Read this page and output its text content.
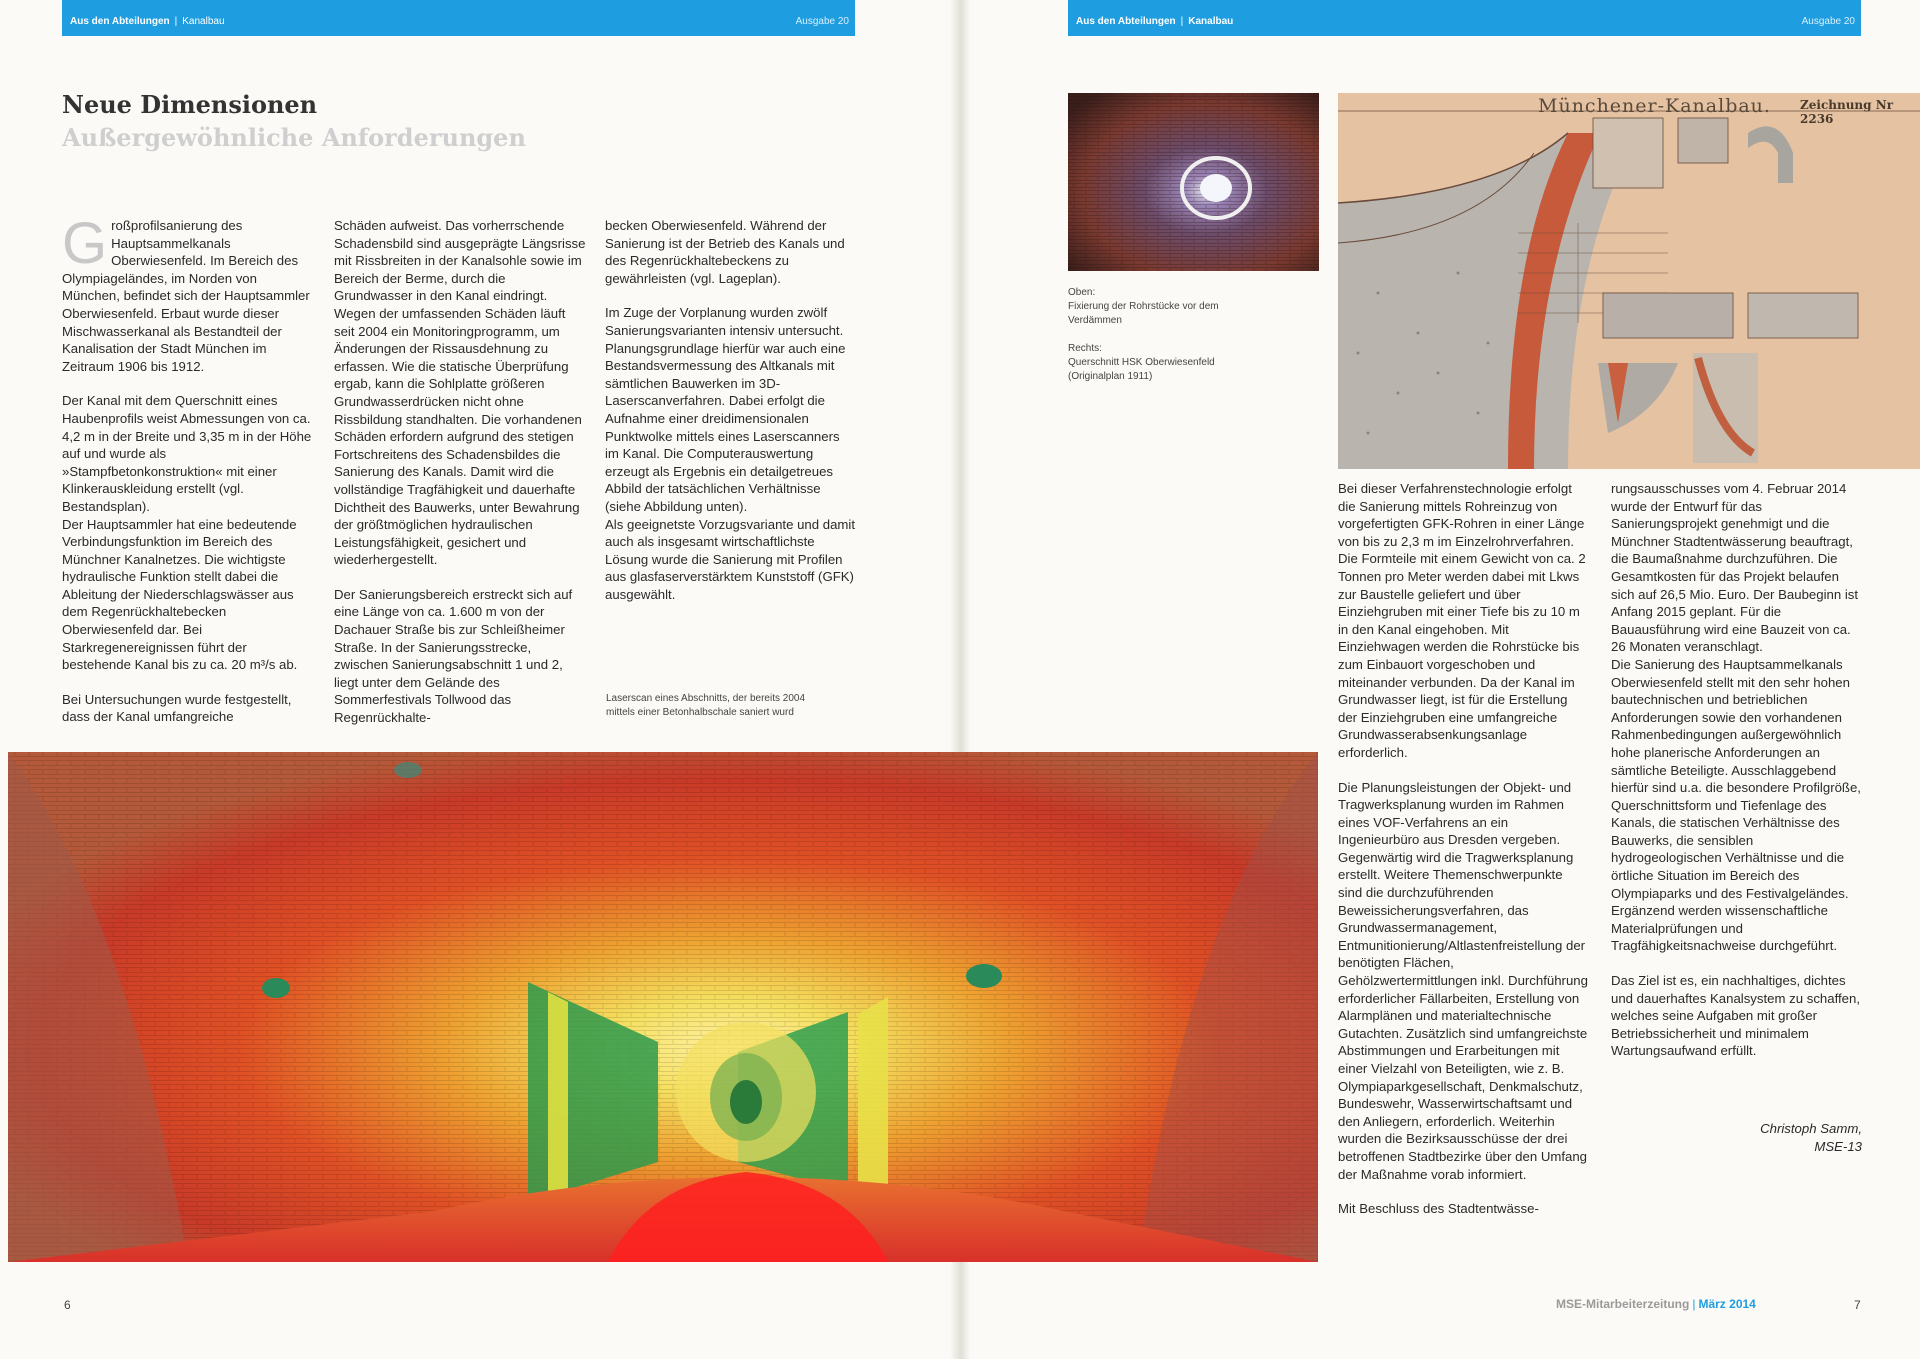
Aus den Abteilungen | Kanalbau	Ausgabe 20	Aus den Abteilungen | Kanalbau	Ausgabe 20
Neue Dimensionen
Außergewöhnliche Anforderungen

Großprofilsanierung des Hauptsammelkanals Oberwiesenfeld. Im Bereich des Olympiageländes, im Norden von München, befindet sich der Hauptsammler Oberwiesenfeld. Erbaut wurde dieser Mischwasserkanal als Bestandteil der Kanalisation der Stadt München im Zeitraum 1906 bis 1912.

Der Kanal mit dem Querschnitt eines Haubenprofils weist Abmessungen von ca. 4,2 m in der Breite und 3,35 m in der Höhe auf und wurde als »Stampfbetonkonstruktion« mit einer Klinkerauskleidung erstellt (vgl. Bestandsplan).

Der Hauptsammler hat eine bedeutende Verbindungsfunktion im Bereich des Münchner Kanalnetzes. Die wichtigste hydraulische Funktion stellt dabei die Ableitung der Niederschlagswässer aus dem Regenrückhaltebecken Oberwiesenfeld dar. Bei Starkregenereignissen führt der bestehende Kanal bis zu ca. 20 m³/s ab.

Bei Untersuchungen wurde festgestellt, dass der Kanal umfangreiche

Schäden aufweist. Das vorherrschende Schadensbild sind ausgeprägte Längsrisse mit Rissbreiten in der Kanalsohle sowie im Bereich der Berme, durch die Grundwasser in den Kanal eindringt. Wegen der umfassenden Schäden läuft seit 2004 ein Monitoringprogramm, um Änderungen der Rissausdehnung zu erfassen. Wie die statische Überprüfung ergab, kann die Sohlplatte größeren Grundwasserdrücken nicht ohne Rissbildung standhalten. Die vorhandenen Schäden erfordern aufgrund des stetigen Fortschreitens des Schadensbildes die Sanierung des Kanals. Damit wird die vollständige Tragfähigkeit und dauerhafte Dichtheit des Bauwerks, unter Bewahrung der größtmöglichen hydraulischen Leistungsfähigkeit, gesichert und wiederhergestellt.

Der Sanierungsbereich erstreckt sich auf eine Länge von ca. 1.600 m von der Dachauer Straße bis zur Schleißheimer Straße. In der Sanierungsstrecke, zwischen Sanierungsabschnitt 1 und 2, liegt unter dem Gelände des Sommerfestivals Tollwood das Regenrückhalte-

becken Oberwiesenfeld. Während der Sanierung ist der Betrieb des Kanals und des Regenrückhaltebeckens zu gewährleisten (vgl. Lageplan).

Im Zuge der Vorplanung wurden zwölf Sanierungsvarianten intensiv untersucht. Planungsgrundlage hierfür war auch eine Bestandsvermessung des Altkanals mit sämtlichen Bauwerken im 3D-Laserscanverfahren. Dabei erfolgt die Aufnahme einer dreidimensionalen Punktwolke mittels eines Laserscanners im Kanal. Die Computerauswertung erzeugt als Ergebnis ein detailgetreues Abbild der tatsächlichen Verhältnisse (siehe Abbildung unten).

Als geeignetste Vorzugsvariante und damit auch als insgesamt wirtschaftlichste Lösung wurde die Sanierung mit Profilen aus glasfaserverstärktem Kunststoff (GFK) ausgewählt.

Laserscan eines Abschnitts, der bereits 2004 mittels einer Betonhalbschale saniert wurd

Oben:

Fixierung der Rohrstücke vor dem Verdämmen

Rechts:

Querschnitt HSK Oberwiesenfeld (Originalplan 1911)

Münchener-Kanalbau. Zeichnung Nr 2236

Bei dieser Verfahrenstechnologie erfolgt die Sanierung mittels Rohreinzug von vorgefertigten GFK-Rohren in einer Länge von bis zu 2,3 m im Einzelrohrverfahren. Die Formteile mit einem Gewicht von ca. 2 Tonnen pro Meter werden dabei mit Lkws zur Baustelle geliefert und über Einziehgruben mit einer Tiefe bis zu 10 m in den Kanal eingehoben. Mit Einziehwagen werden die Rohrstücke bis zum Einbauort vorgeschoben und miteinander verbunden. Da der Kanal im Grundwasser liegt, ist für die Erstellung der Einziehgruben eine umfangreiche Grundwasserabsenkungsanlage erforderlich.

Die Planungsleistungen der Objekt- und Tragwerksplanung wurden im Rahmen eines VOF-Verfahrens an ein Ingenieurbüro aus Dresden vergeben. Gegenwärtig wird die Tragwerksplanung erstellt. Weitere Themenschwerpunkte sind die durchzuführenden Beweissicherungsverfahren, das Grundwassermanagement, Entmunitionierung/Altlastenfreistellung der benötigten Flächen, Gehölzwertermittlungen inkl. Durchführung erforderlicher Fällarbeiten, Erstellung von Alarmplänen und materialtechnische Gutachten. Zusätzlich sind umfangreichste Abstimmungen und Erarbeitungen mit einer Vielzahl von Beteiligten, wie z. B. Olympiaparkgesellschaft, Denkmalschutz, Bundeswehr, Wasserwirtschaftsamt und den Anliegern, erforderlich. Weiterhin wurden die Bezirksausschüsse der drei betroffenen Stadtbezirke über den Umfang der Maßnahme vorab informiert.

Mit Beschluss des Stadtentwässe-

rungsausschusses vom 4. Februar 2014 wurde der Entwurf für das Sanierungsprojekt genehmigt und die Münchner Stadtentwässerung beauftragt, die Baumaßnahme durchzuführen. Die Gesamtkosten für das Projekt belaufen sich auf 26,5 Mio. Euro. Der Baubeginn ist Anfang 2015 geplant. Für die Bauausführung wird eine Bauzeit von ca. 26 Monaten veranschlagt.

Die Sanierung des Hauptsammelkanals Oberwiesenfeld stellt mit den sehr hohen bautechnischen und betrieblichen Anforderungen sowie den vorhandenen Rahmenbedingungen außergewöhnlich hohe planerische Anforderungen an sämtliche Beteiligte. Ausschlaggebend hierfür sind u.a. die besondere Profilgröße, Querschnittsform und Tiefenlage des Kanals, die statischen Verhältnisse des Bauwerks, die sensiblen hydrogeologischen Verhältnisse und die örtliche Situation im Bereich des Olympiaparks und des Festivalgeländes. Ergänzend werden wissenschaftliche Materialprüfungen und Tragfähigkeitsnachweise durchgeführt.

Das Ziel ist es, ein nachhaltiges, dichtes und dauerhaftes Kanalsystem zu schaffen, welches seine Aufgaben mit großer Betriebssicherheit und minimalem Wartungsaufwand erfüllt.

Christoph Samm,
MSE-13
6	MSE-Mitarbeiterzeitung | März 2014	7
